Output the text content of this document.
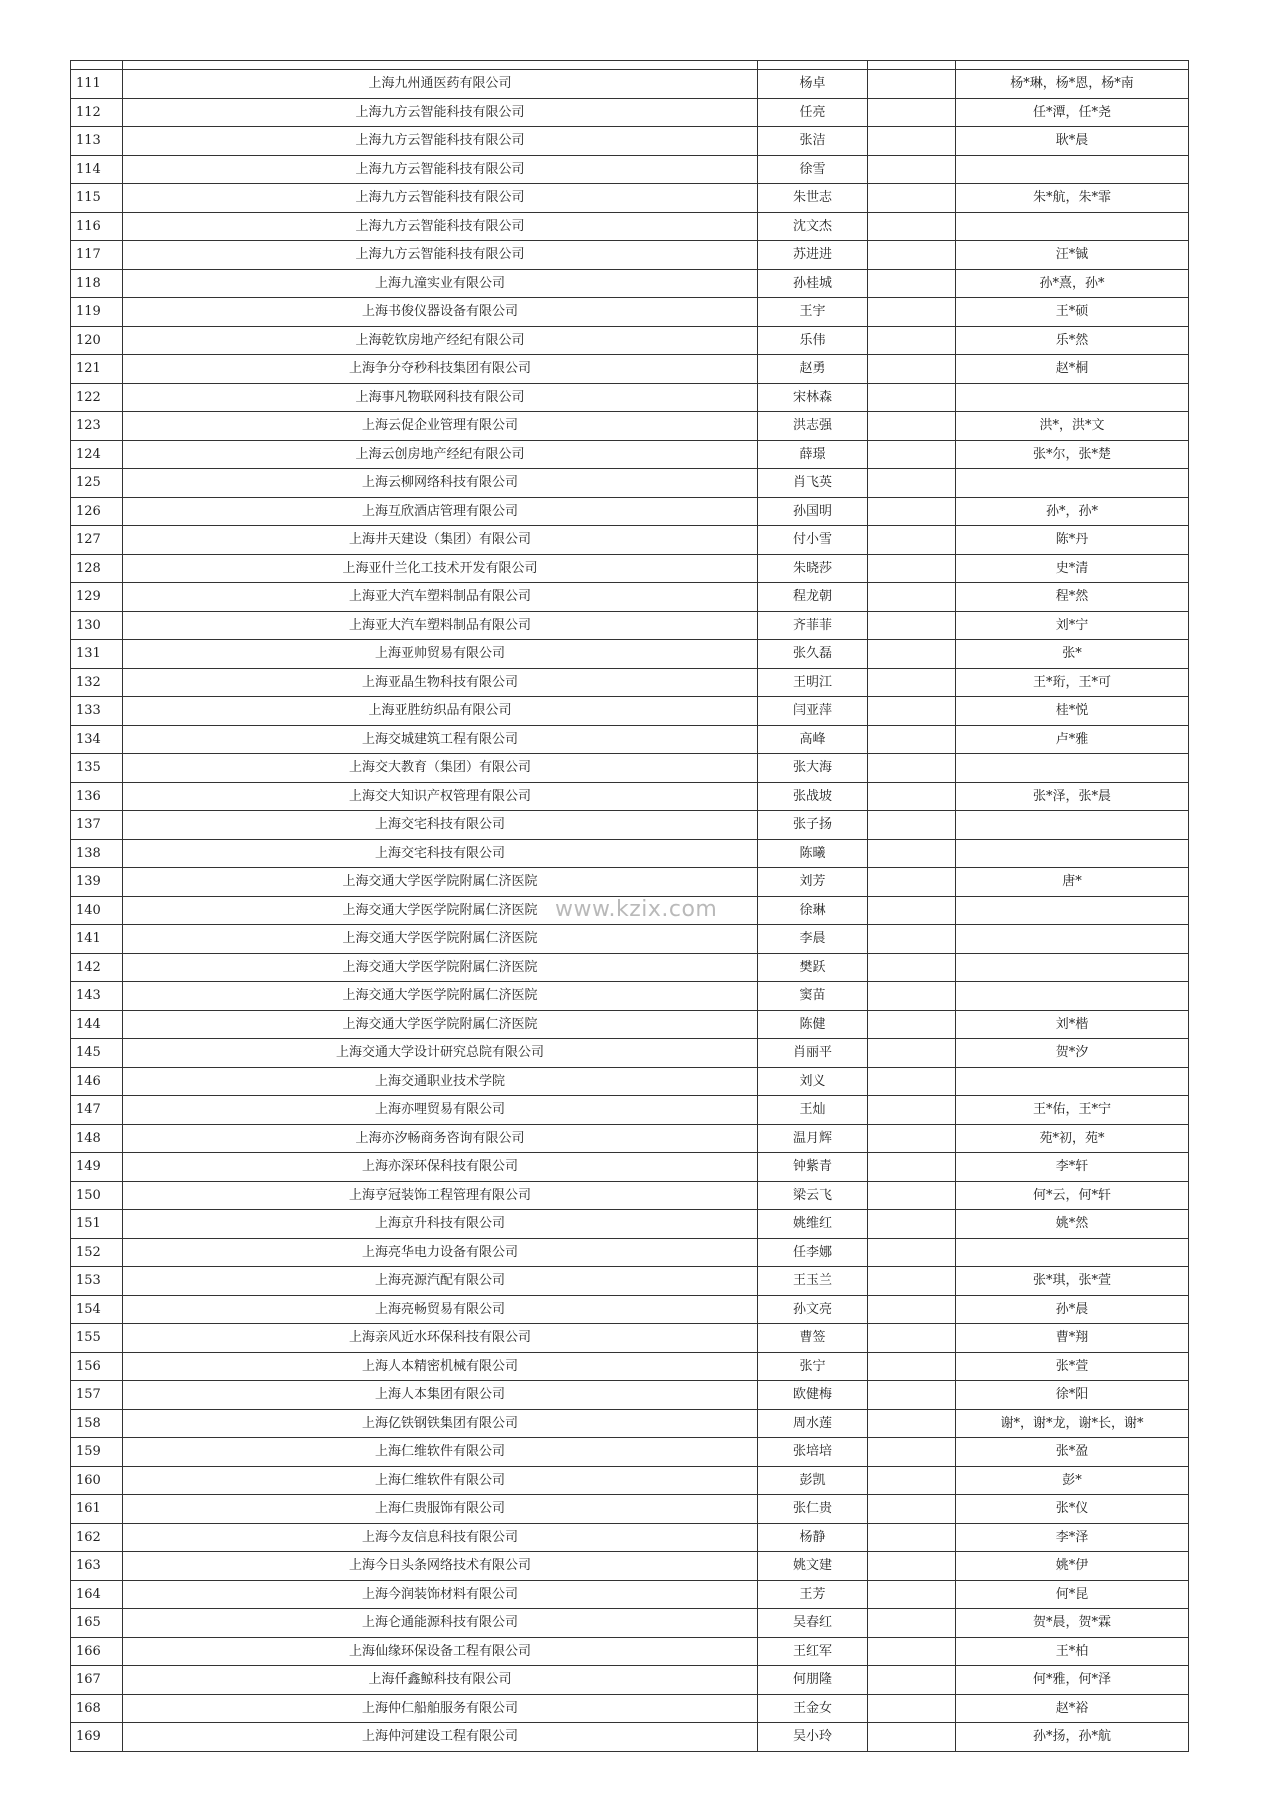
111	上海九州通医药有限公司	杨卓		杨*琳，杨*恩，杨*南
112	上海九方云智能科技有限公司	任亮		任*潭，任*尧
113	上海九方云智能科技有限公司	张洁		耿*晨
114	上海九方云智能科技有限公司	徐雪		
115	上海九方云智能科技有限公司	朱世志		朱*航，朱*霏
116	上海九方云智能科技有限公司	沈文杰		
117	上海九方云智能科技有限公司	苏进进		汪*铖
118	上海九潼实业有限公司	孙桂城		孙*熹，孙*
119	上海书俊仪器设备有限公司	王宇		王*硕
120	上海乾钦房地产经纪有限公司	乐伟		乐*然
121	上海争分夺秒科技集团有限公司	赵勇		赵*桐
122	上海事凡物联网科技有限公司	宋林森		
123	上海云促企业管理有限公司	洪志强		洪*，洪*文
124	上海云创房地产经纪有限公司	薛璟		张*尔，张*楚
125	上海云柳网络科技有限公司	肖飞英		
126	上海互欣酒店管理有限公司	孙国明		孙*，孙*
127	上海井天建设（集团）有限公司	付小雪		陈*丹
128	上海亚什兰化工技术开发有限公司	朱晓莎		史*清
129	上海亚大汽车塑料制品有限公司	程龙朝		程*然
130	上海亚大汽车塑料制品有限公司	齐菲菲		刘*宁
131	上海亚帅贸易有限公司	张久磊		张*
132	上海亚晶生物科技有限公司	王明江		王*珩，王*可
133	上海亚胜纺织品有限公司	闫亚萍		桂*悦
134	上海交城建筑工程有限公司	高峰		卢*雅
135	上海交大教育（集团）有限公司	张大海		
136	上海交大知识产权管理有限公司	张战坡		张*泽，张*晨
137	上海交宅科技有限公司	张子扬		
138	上海交宅科技有限公司	陈曦		
139	上海交通大学医学院附属仁济医院	刘芳		唐*
140	上海交通大学医学院附属仁济医院	徐琳		
141	上海交通大学医学院附属仁济医院	李晨		
142	上海交通大学医学院附属仁济医院	樊跃		
143	上海交通大学医学院附属仁济医院	窦苗		
144	上海交通大学医学院附属仁济医院	陈健		刘*楷
145	上海交通大学设计研究总院有限公司	肖丽平		贺*汐
146	上海交通职业技术学院	刘义		
147	上海亦哩贸易有限公司	王灿		王*佑，王*宁
148	上海亦汐畅商务咨询有限公司	温月辉		苑*初，苑*
149	上海亦深环保科技有限公司	钟紫青		李*轩
150	上海亨冠装饰工程管理有限公司	梁云飞		何*云，何*轩
151	上海京升科技有限公司	姚维红		姚*然
152	上海亮华电力设备有限公司	任李娜		
153	上海亮源汽配有限公司	王玉兰		张*琪，张*萱
154	上海亮畅贸易有限公司	孙文亮		孙*晨
155	上海亲风近水环保科技有限公司	曹签		曹*翔
156	上海人本精密机械有限公司	张宁		张*萱
157	上海人本集团有限公司	欧健梅		徐*阳
158	上海亿铁钢铁集团有限公司	周水莲		谢*，谢*龙，谢*长，谢*
159	上海仁维软件有限公司	张培培		张*盈
160	上海仁维软件有限公司	彭凯		彭*
161	上海仁贵服饰有限公司	张仁贵		张*仪
162	上海今友信息科技有限公司	杨静		李*泽
163	上海今日头条网络技术有限公司	姚文建		姚*伊
164	上海今润装饰材料有限公司	王芳		何*昆
165	上海仑通能源科技有限公司	吴春红		贺*晨，贺*霖
166	上海仙缘环保设备工程有限公司	王红军		王*柏
167	上海仟鑫鲸科技有限公司	何朋隆		何*雅，何*泽
168	上海仲仁船舶服务有限公司	王金女		赵*裕
169	上海仲河建设工程有限公司	吴小玲		孙*扬，孙*航
www.kzix.com
